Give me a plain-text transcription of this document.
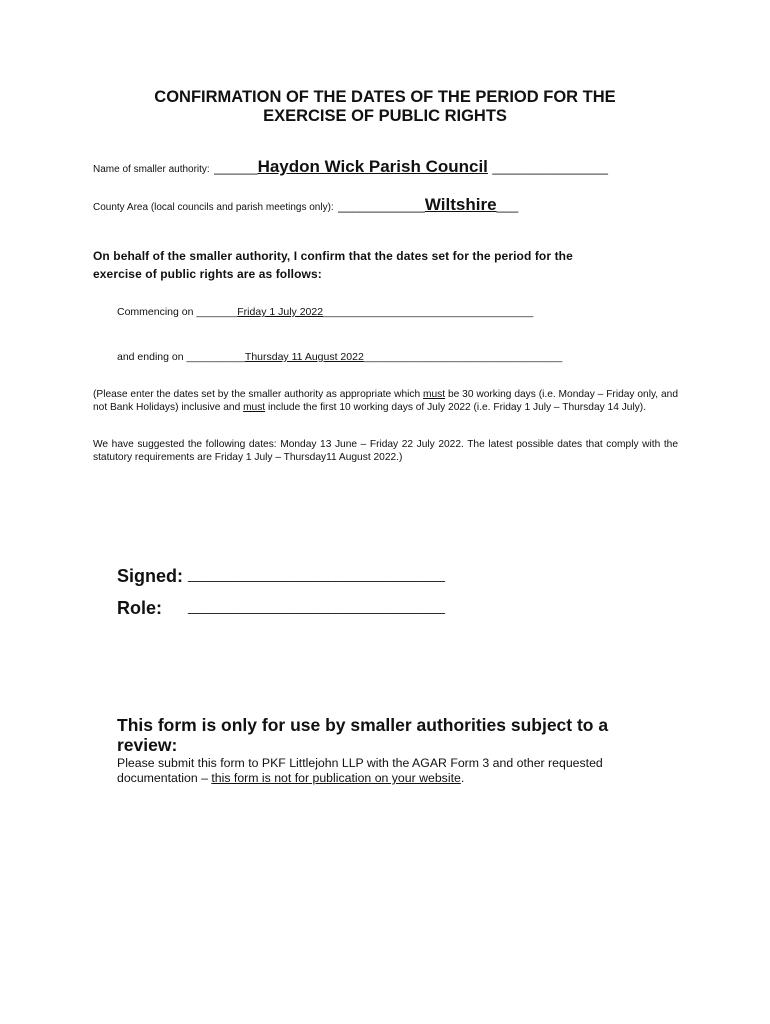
CONFIRMATION OF THE DATES OF THE PERIOD FOR THE
EXERCISE OF PUBLIC RIGHTS
Name of smaller authority: ______Haydon Wick Parish Council ________________
County Area (local councils and parish meetings only): ____________Wiltshire___
On behalf of the smaller authority, I confirm that the dates set for the period for the
exercise of public rights are as follows:
Commencing on _______Friday 1 July 2022____________________________________
and ending on __________Thursday 11 August 2022__________________________________
(Please enter the dates set by the smaller authority as appropriate which must be 30 working days (i.e. Monday – Friday only, and not Bank Holidays) inclusive and must include the first 10 working days of July 2022 (i.e. Friday 1 July – Thursday 14 July).
We have suggested the following dates: Monday 13 June – Friday 22 July 2022. The latest possible dates that comply with the statutory requirements are Friday 1 July – Thursday11 August 2022.)
Signed: _________________________________
Role: _________________________________
This form is only for use by smaller authorities subject to a review:
Please submit this form to PKF Littlejohn LLP with the AGAR Form 3 and other requested documentation – this form is not for publication on your website.
